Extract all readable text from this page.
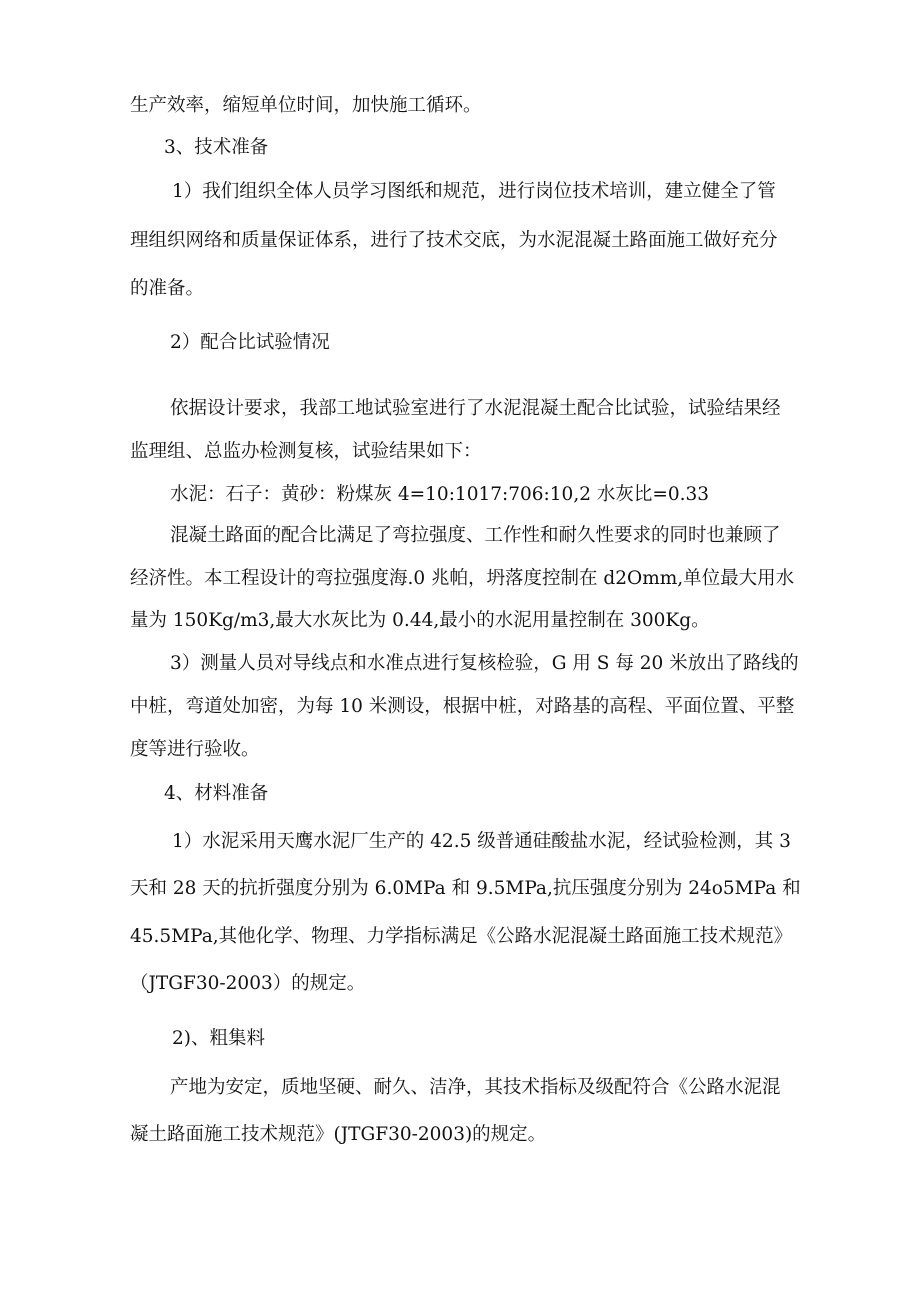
生产效率，缩短单位时间，加快施工循环。

3、技术准备

1）我们组织全体人员学习图纸和规范，进行岗位技术培训，建立健全了管

理组织网络和质量保证体系，进行了技术交底，为水泥混凝土路面施工做好充分

的准备。

2）配合比试验情况

依据设计要求，我部工地试验室进行了水泥混凝土配合比试验，试验结果经

监理组、总监办检测复核，试验结果如下：

水泥：石子：黄砂：粉煤灰 4=10:1017:706:10,2 水灰比=0.33

混凝土路面的配合比满足了弯拉强度、工作性和耐久性要求的同时也兼顾了

经济性。本工程设计的弯拉强度海.0 兆帕，坍落度控制在 d2Omm,单位最大用水

量为 150Kg∕m3,最大水灰比为 0.44,最小的水泥用量控制在 300Kg。

3）测量人员对导线点和水准点进行复核检验，G 用 S 每 20 米放出了路线的

中桩，弯道处加密，为每 10 米测设，根据中桩，对路基的高程、平面位置、平整

度等进行验收。

4、材料准备

1）水泥采用天鹰水泥厂生产的 42.5 级普通硅酸盐水泥，经试验检测，其 3

天和 28 天的抗折强度分别为 6.0MPa 和 9.5MPa,抗压强度分别为 24o5MPa 和

45.5MPa,其他化学、物理、力学指标满足《公路水泥混凝土路面施工技术规范》

（JTGF30-2003）的规定。

2)、粗集料

产地为安定，质地坚硬、耐久、洁净，其技术指标及级配符合《公路水泥混

凝土路面施工技术规范》(JTGF30-2003)的规定。
